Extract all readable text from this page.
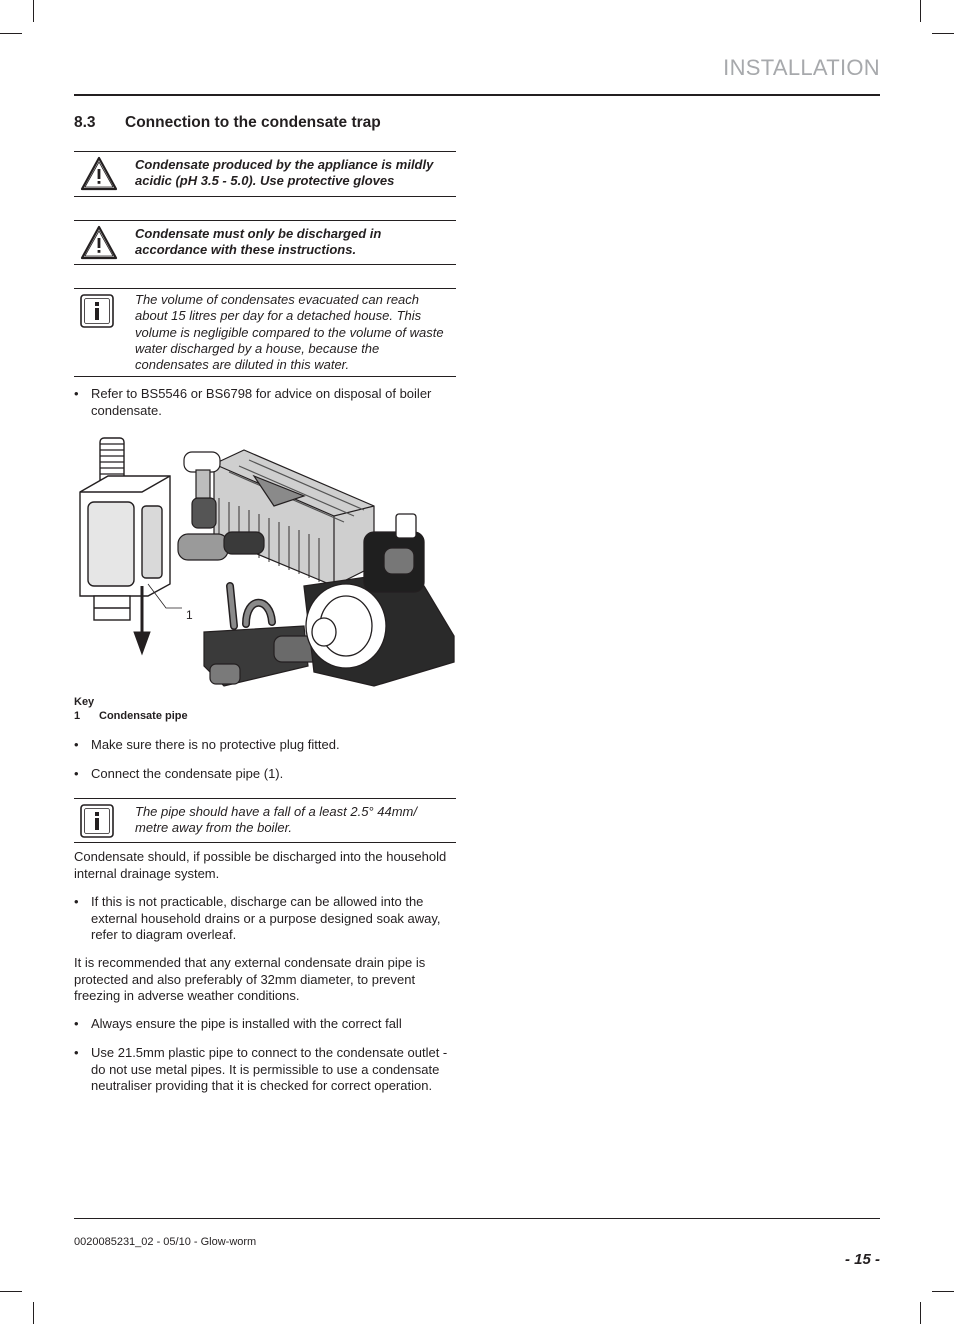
INSTALLATION
8.3 Connection to the condensate trap
Condensate produced by the appliance is mildly acidic (pH 3.5 - 5.0). Use protective gloves
Condensate must only be discharged in accordance with these instructions.
The volume of condensates evacuated can reach about 15 litres per day for a detached house. This volume is negligible compared to the volume of waste water discharged by a house, because the condensates are diluted in this water.
• Refer to BS5546 or BS6798 for advice on disposal of boiler condensate.
1
Key
1 Condensate pipe
• Make sure there is no protective plug fitted.
• Connect the condensate pipe (1).
The pipe should have a fall of a least 2.5° 44mm/ metre away from the boiler.
Condensate should, if possible be discharged into the household internal drainage system.
• If this is not practicable, discharge can be allowed into the external household drains or a purpose designed soak away, refer to diagram overleaf.
It is recommended that any external condensate drain pipe is protected and also preferably of 32mm diameter, to prevent freezing in adverse weather conditions.
• Always ensure the pipe is installed with the correct fall
• Use 21.5mm plastic pipe to connect to the condensate outlet - do not use metal pipes. It is permissible to use a condensate neutraliser providing that it is checked for correct operation.
0020085231_02 - 05/10 - Glow-worm
- 15 -
